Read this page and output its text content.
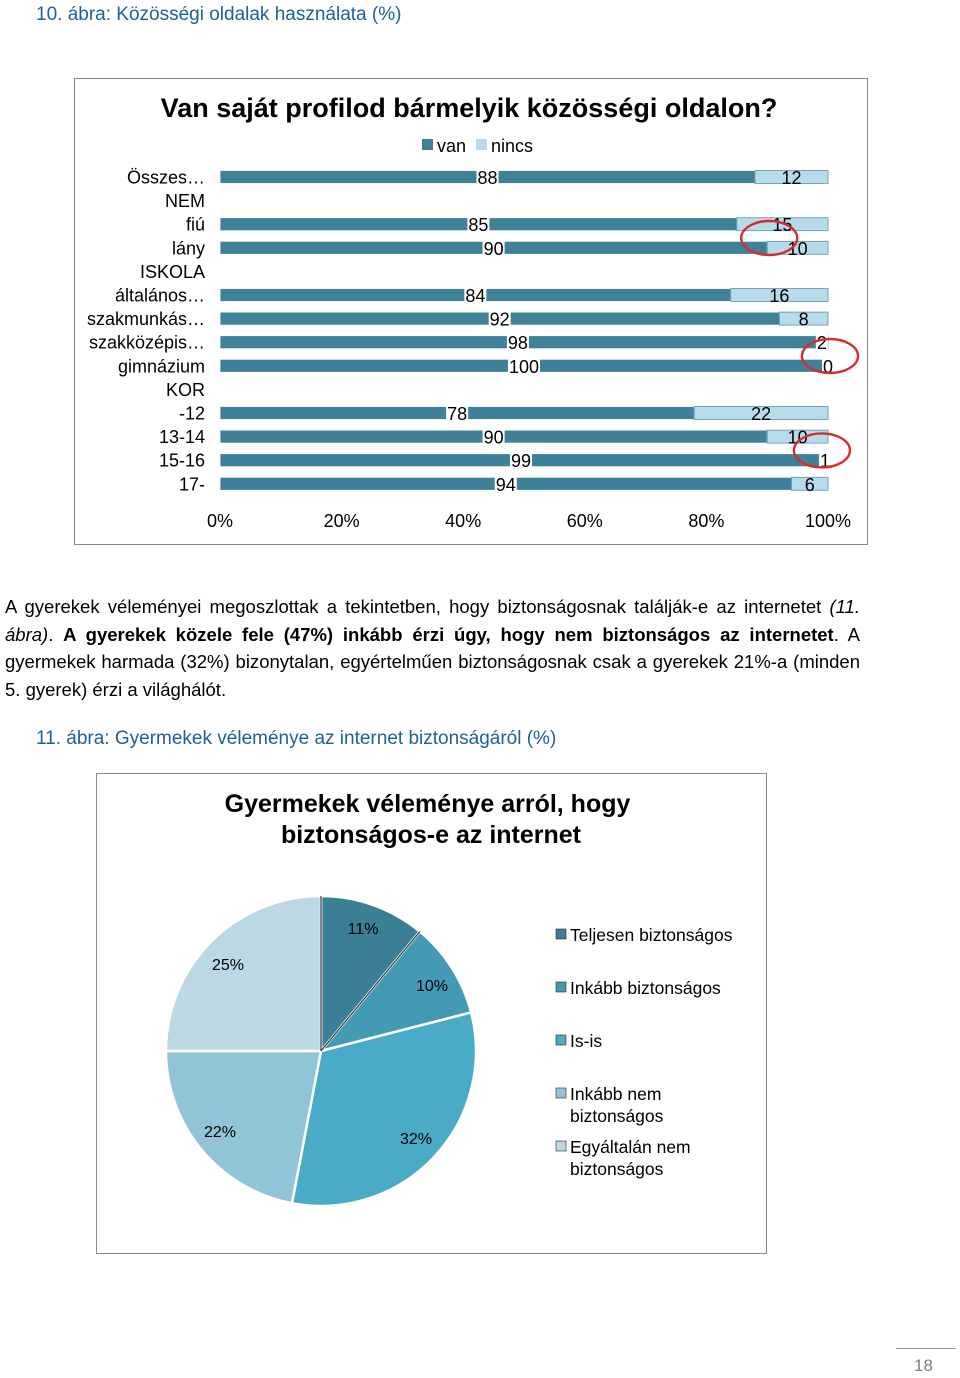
10. ábra: Közösségi oldalak használata (%)
Van saját profilod bármelyik közösségi oldalon?
van nincs
Összes…
NEM
fiú
lány
ISKOLA
általános…
szakmunkás…
szakközépis…
gimnázium
KOR
-12
13-14
15-16
17-
88	12
85	15
90	10
84	16
92	8
98	2
100	0
78	22
90	10
99	1
94	6
0%	20%	40%	60%	80%	100%
A gyerekek véleményei megoszlottak a tekintetben, hogy biztonságosnak találják-e az internetet (11. ábra). A gyerekek közele fele (47%) inkább érzi úgy, hogy nem biztonságos az internetet. A gyermekek harmada (32%) bizonytalan, egyértelműen biztonságosnak csak a gyerekek 21%-a (minden 5. gyerek) érzi a világhálót.
11. ábra: Gyermekek véleménye az internet biztonságáról (%)
Gyermekek véleménye arról, hogy biztonságos-e az internet
11%
10%
32%
22%
25%
Teljesen biztonságos
Inkább biztonságos
Is-is
Inkább nem biztonságos
Egyáltalán nem biztonságos
18
